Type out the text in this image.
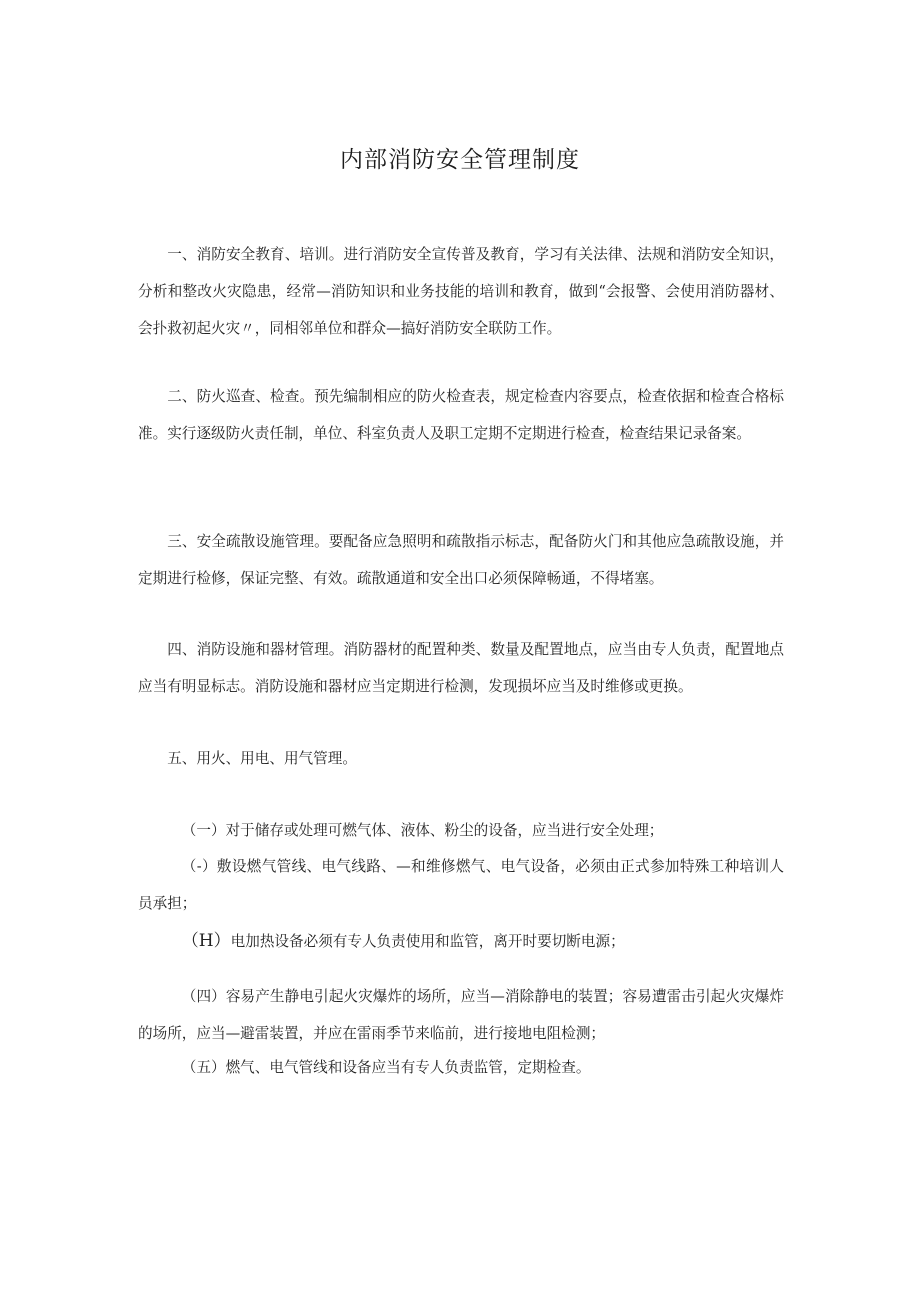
内部消防安全管理制度

一、消防安全教育、培训。进行消防安全宣传普及教育，学习有关法律、法规和消防安全知识，分析和整改火灾隐患，经常—消防知识和业务技能的培训和教育，做到“会报警、会使用消防器材、会扑救初起火灾〃，同相邻单位和群众—搞好消防安全联防工作。

二、防火巡查、检查。预先编制相应的防火检查表，规定检查内容要点，检查依据和检查合格标准。实行逐级防火责任制，单位、科室负责人及职工定期不定期进行检查，检查结果记录备案。

三、安全疏散设施管理。要配备应急照明和疏散指示标志，配备防火门和其他应急疏散设施，并定期进行检修，保证完整、有效。疏散通道和安全出口必须保障畅通，不得堵塞。

四、消防设施和器材管理。消防器材的配置种类、数量及配置地点，应当由专人负责，配置地点应当有明显标志。消防设施和器材应当定期进行检测，发现损坏应当及时维修或更换。

五、用火、用电、用气管理。

（一）对于储存或处理可燃气体、液体、粉尘的设备，应当进行安全处理；

（-）敷设燃气管线、电气线路、—和维修燃气、电气设备，必须由正式参加特殊工种培训人员承担；

（H）电加热设备必须有专人负责使用和监管，离开时要切断电源；

（四）容易产生静电引起火灾爆炸的场所，应当—消除静电的装置；容易遭雷击引起火灾爆炸的场所，应当—避雷装置，并应在雷雨季节来临前，进行接地电阻检测；

（五）燃气、电气管线和设备应当有专人负责监管，定期检查。
